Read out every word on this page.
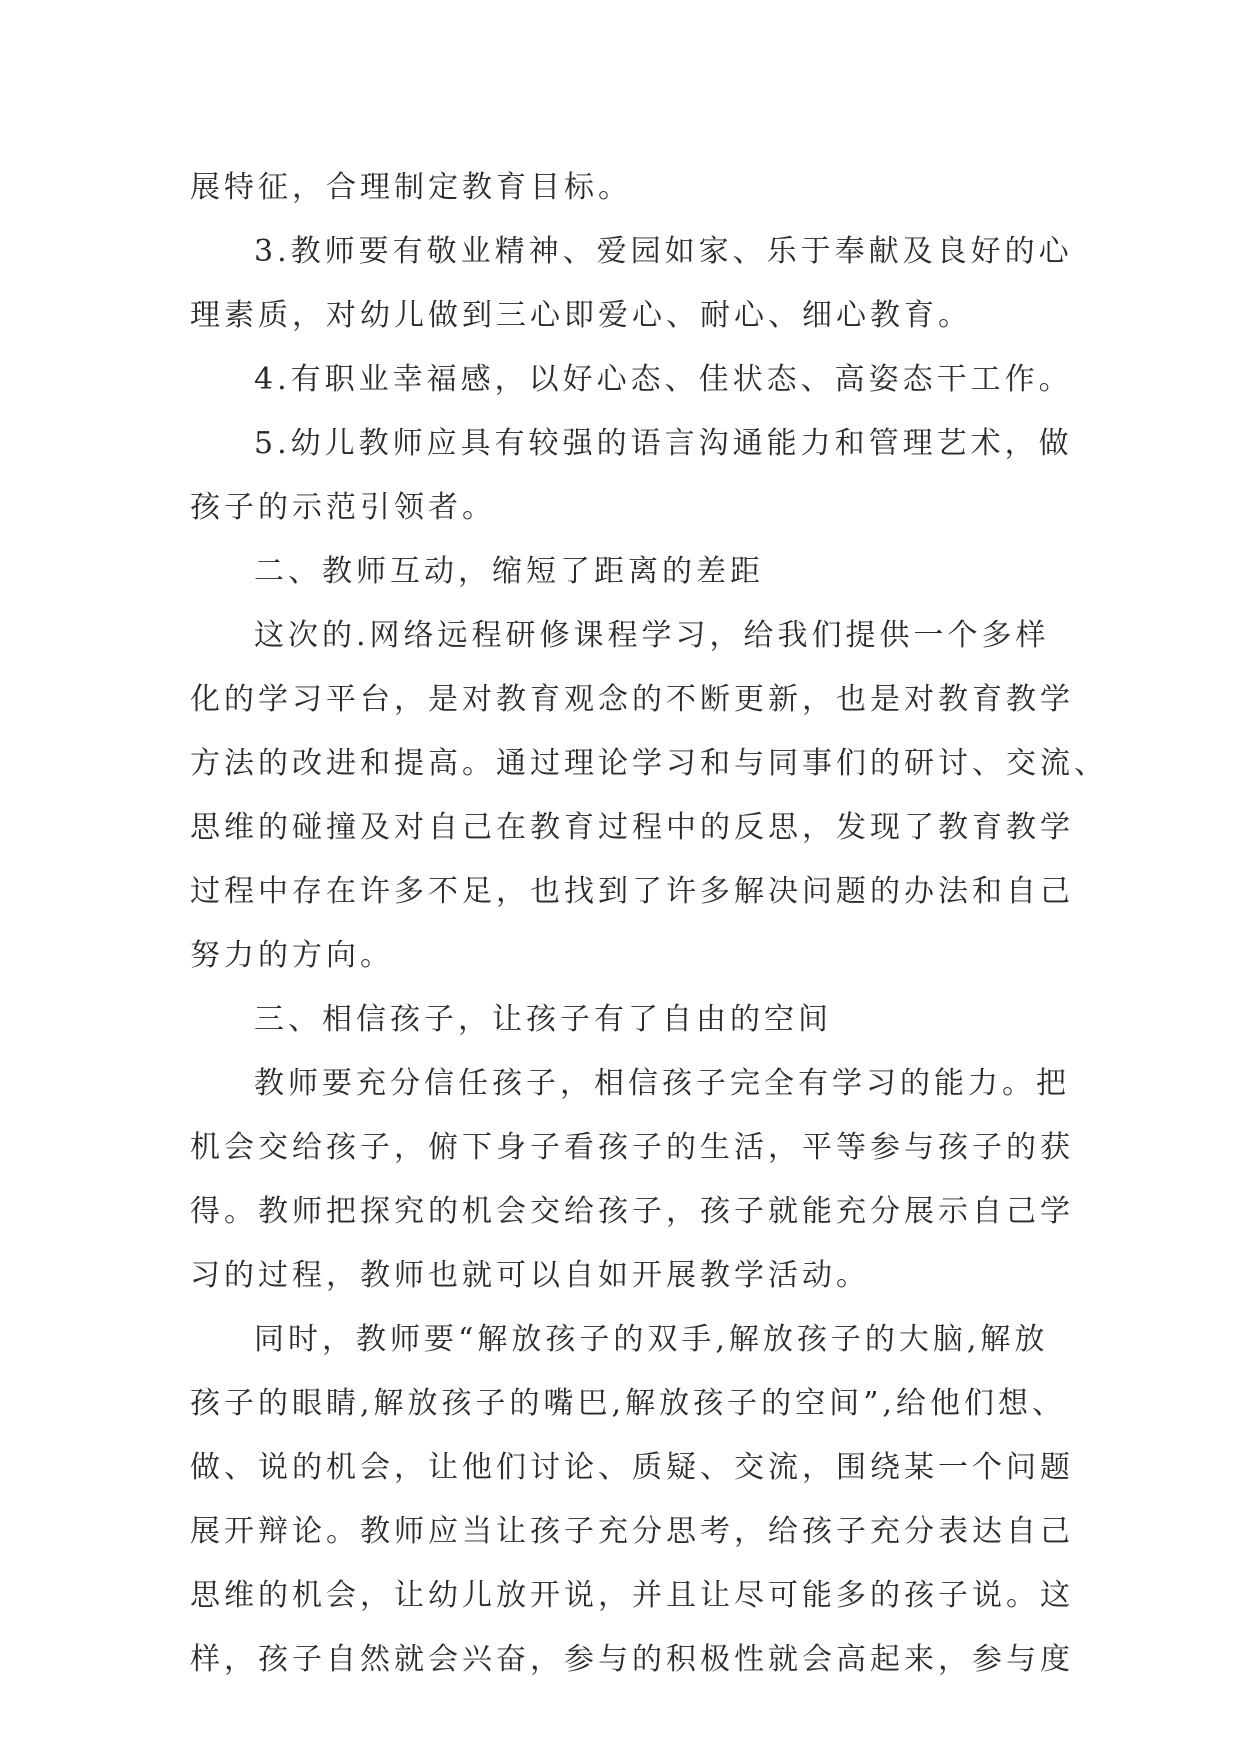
展特征，合理制定教育目标。
3.教师要有敬业精神、爱园如家、乐于奉献及良好的心
理素质，对幼儿做到三心即爱心、耐心、细心教育。
4.有职业幸福感，以好心态、佳状态、高姿态干工作。
5.幼儿教师应具有较强的语言沟通能力和管理艺术，做
孩子的示范引领者。
二、教师互动，缩短了距离的差距
这次的.网络远程研修课程学习，给我们提供一个多样
化的学习平台，是对教育观念的不断更新，也是对教育教学
方法的改进和提高。通过理论学习和与同事们的研讨、交流、
思维的碰撞及对自己在教育过程中的反思，发现了教育教学
过程中存在许多不足，也找到了许多解决问题的办法和自己
努力的方向。
三、相信孩子，让孩子有了自由的空间
教师要充分信任孩子，相信孩子完全有学习的能力。把
机会交给孩子，俯下身子看孩子的生活，平等参与孩子的获
得。教师把探究的机会交给孩子，孩子就能充分展示自己学
习的过程，教师也就可以自如开展教学活动。
同时，教师要“解放孩子的双手,解放孩子的大脑,解放
孩子的眼睛,解放孩子的嘴巴,解放孩子的空间”,给他们想、
做、说的机会，让他们讨论、质疑、交流，围绕某一个问题
展开辩论。教师应当让孩子充分思考，给孩子充分表达自己
思维的机会，让幼儿放开说，并且让尽可能多的孩子说。这
样，孩子自然就会兴奋，参与的积极性就会高起来，参与度
